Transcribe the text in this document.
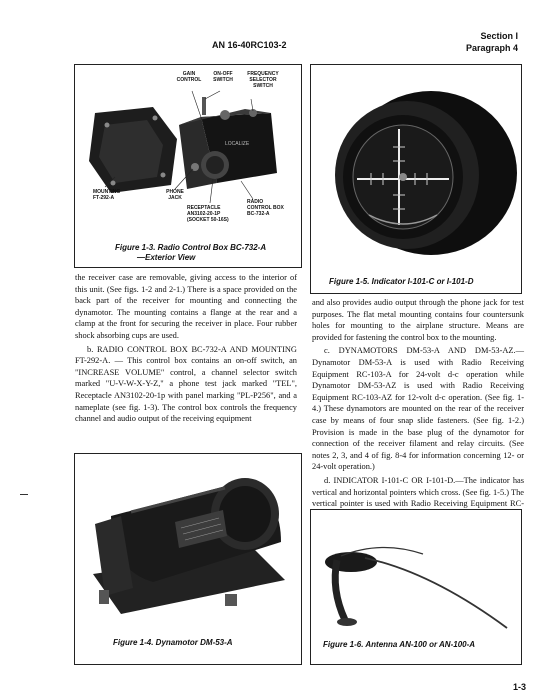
AN 16-40RC103-2
Section I
Paragraph 4
LOCALIZE
GAIN
CONTROL
ON-OFF
SWITCH
FREQUENCY
SELECTOR
SWITCH
MOUNTING
FT-292-A
PHONE
JACK
RECEPTACLE
AN3102-20-1P
(SOCKET 50-16S)
RADIO
CONTROL BOX
BC-732-A
Figure 1-3. Radio Control Box BC-732-A
—Exterior View
Figure 1-5. Indicator I-101-C or I-101-D

the receiver case are removable, giving access to the interior of this unit. (See figs. 1-2 and 2-1.) There is a space provided on the back part of the receiver for mounting and connecting the dynamotor. The mounting contains a flange at the rear and a clamp at the front for securing the receiver in place. Four rubber shock absorbing cups are used.

b. RADIO CONTROL BOX BC-732-A AND MOUNTING FT-292-A. — This control box contains an on-off switch, an "INCREASE VOLUME" control, a channel selector switch marked "U-V-W-X-Y-Z," a phone test jack marked "TEL", Receptacle AN3102-20-1p with panel marking "PL-P256", and a nameplate (see fig. 1-3). The control box controls the frequency channel and audio output of the receiving equipment

and also provides audio output through the phone jack for test purposes. The flat metal mounting contains four countersunk holes for mounting to the airplane structure. Means are provided for fastening the control box to the mounting.

c. DYNAMOTORS DM-53-A AND DM-53-AZ.— Dynamotor DM-53-A is used with Radio Receiving Equipment RC-103-A for 24-volt d-c operation while Dynamotor DM-53-AZ is used with Radio Receiving Equipment RC-103-AZ for 12-volt d-c operation. (See fig. 1-4.) These dynamotors are mounted on the rear of the receiver case by means of four snap slide fasteners. (See fig. 1-2.) Provision is made in the base plug of the dynamotor for connection of the receiver filament and relay circuits. (See notes 2, 3, and 4 of fig. 8-4 for information concerning 12- or 24-volt operation.)

d. INDICATOR I-101-C OR I-101-D.—The indicator has vertical and horizontal pointers which cross. (See fig. 1-5.) The vertical pointer is used with Radio Receiving Equipment RC-

Figure 1-4. Dynamotor DM-53-A	Figure 1-6. Antenna AN-100 or AN-100-A
1-3
